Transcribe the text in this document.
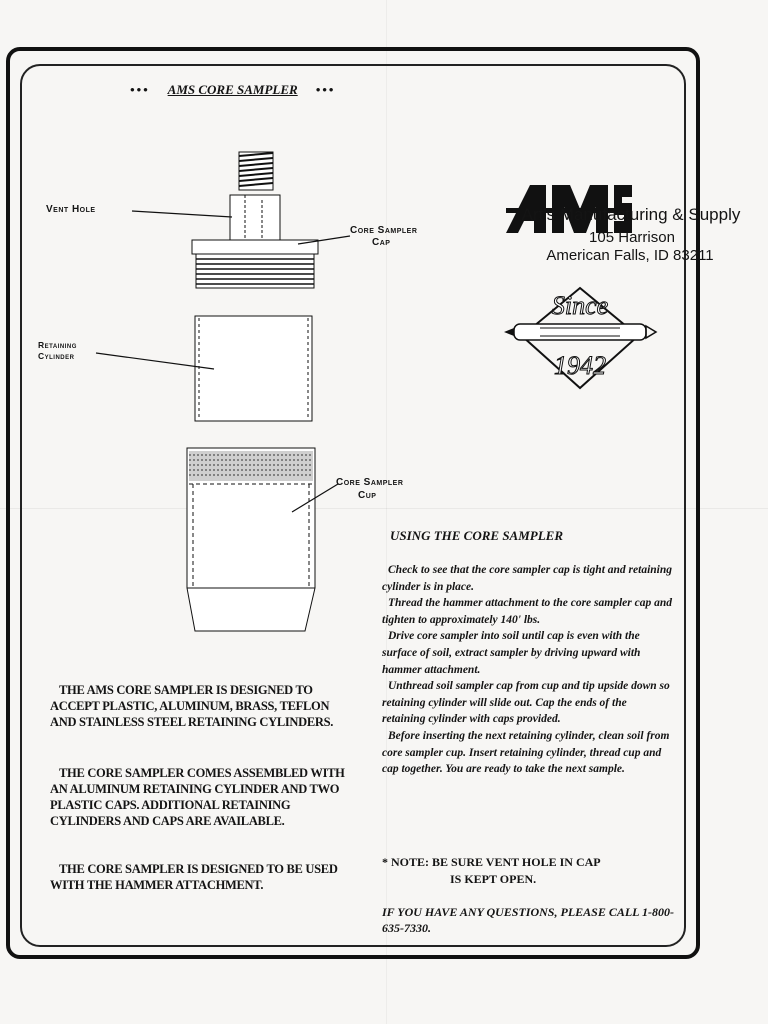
••• AMS CORE SAMPLER •••
Vent Hole
Core Sampler
Cap
Retaining
Cylinder
Core Sampler
Cup
Art's Manufacturing & Supply
105 Harrison
American Falls, ID 83211
Since
1942

THE AMS CORE SAMPLER IS DESIGNED TO ACCEPT PLASTIC, ALUMINUM, BRASS, TEFLON AND STAINLESS STEEL RETAINING CYLINDERS.

THE CORE SAMPLER COMES ASSEMBLED WITH AN ALUMINUM RETAINING CYLINDER AND TWO PLASTIC CAPS. ADDITIONAL RETAINING CYLINDERS AND CAPS ARE AVAILABLE.

THE CORE SAMPLER IS DESIGNED TO BE USED WITH THE HAMMER ATTACHMENT.

USING THE CORE SAMPLER

Check to see that the core sampler cap is tight and retaining cylinder is in place.

Thread the hammer attachment to the core sampler cap and tighten to approximately 140' lbs.

Drive core sampler into soil until cap is even with the surface of soil, extract sampler by driving upward with hammer attachment.

Unthread soil sampler cap from cup and tip upside down so retaining cylinder will slide out. Cap the ends of the retaining cylinder with caps provided.

Before inserting the next retaining cylinder, clean soil from core sampler cup. Insert retaining cylinder, thread cup and cap together. You are ready to take the next sample.

* NOTE: BE SURE VENT HOLE IN CAP
IS KEPT OPEN.
IF YOU HAVE ANY QUESTIONS, PLEASE CALL 1-800-635-7330.
